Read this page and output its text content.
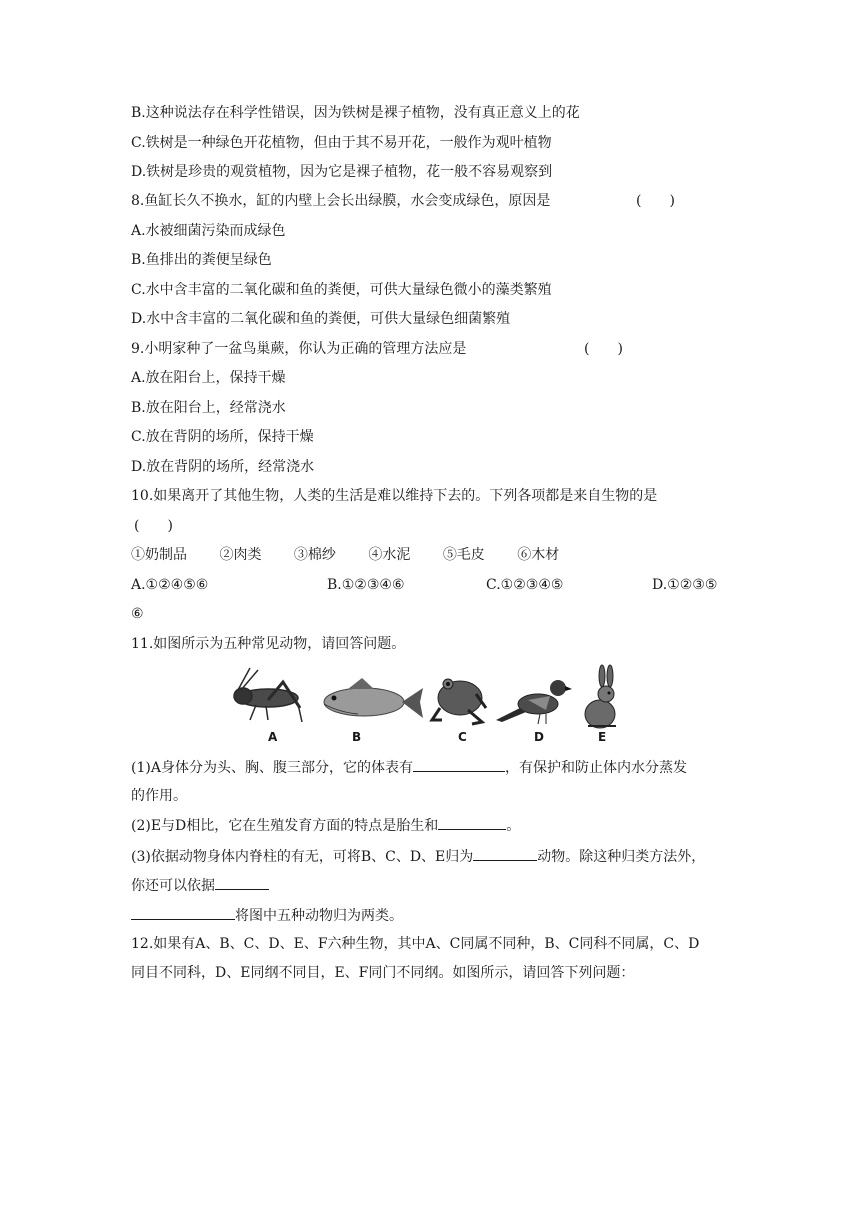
B.这种说法存在科学性错误，因为铁树是裸子植物，没有真正意义上的花
C.铁树是一种绿色开花植物，但由于其不易开花，一般作为观叶植物
D.铁树是珍贵的观赏植物，因为它是裸子植物，花一般不容易观察到
8.鱼缸长久不换水，缸的内壁上会长出绿膜，水会变成绿色，原因是	(　　)
A.水被细菌污染而成绿色
B.鱼排出的粪便呈绿色
C.水中含丰富的二氧化碳和鱼的粪便，可供大量绿色微小的藻类繁殖
D.水中含丰富的二氧化碳和鱼的粪便，可供大量绿色细菌繁殖
9.小明家种了一盆鸟巢蕨，你认为正确的管理方法应是	(　　)
A.放在阳台上，保持干燥
B.放在阳台上，经常浇水
C.放在背阴的场所，保持干燥
D.放在背阴的场所，经常浇水
10.如果离开了其他生物，人类的生活是难以维持下去的。下列各项都是来自生物的是
(　　)
①奶制品 ②肉类 ③棉纱 ④水泥 ⑤毛皮 ⑥木材
A.①②④⑤⑥	B.①②③④⑥	C.①②③④⑤	D.①②③⑤
⑥
11.如图所示为五种常见动物，请回答问题。
A	B	C	D	E
(1)A身体分为头、胸、腹三部分，它的体表有	，有保护和防止体内水分蒸发
的作用。
(2)E与D相比，它在生殖发育方面的特点是胎生和	。
(3)依据动物身体内脊柱的有无，可将B、C、D、E归为	动物。除这种归类方法外，
你还可以依据
将图中五种动物归为两类。
12.如果有A、B、C、D、E、F六种生物，其中A、C同属不同种，B、C同科不同属，C、D
同目不同科，D、E同纲不同目，E、F同门不同纲。如图所示，请回答下列问题：
